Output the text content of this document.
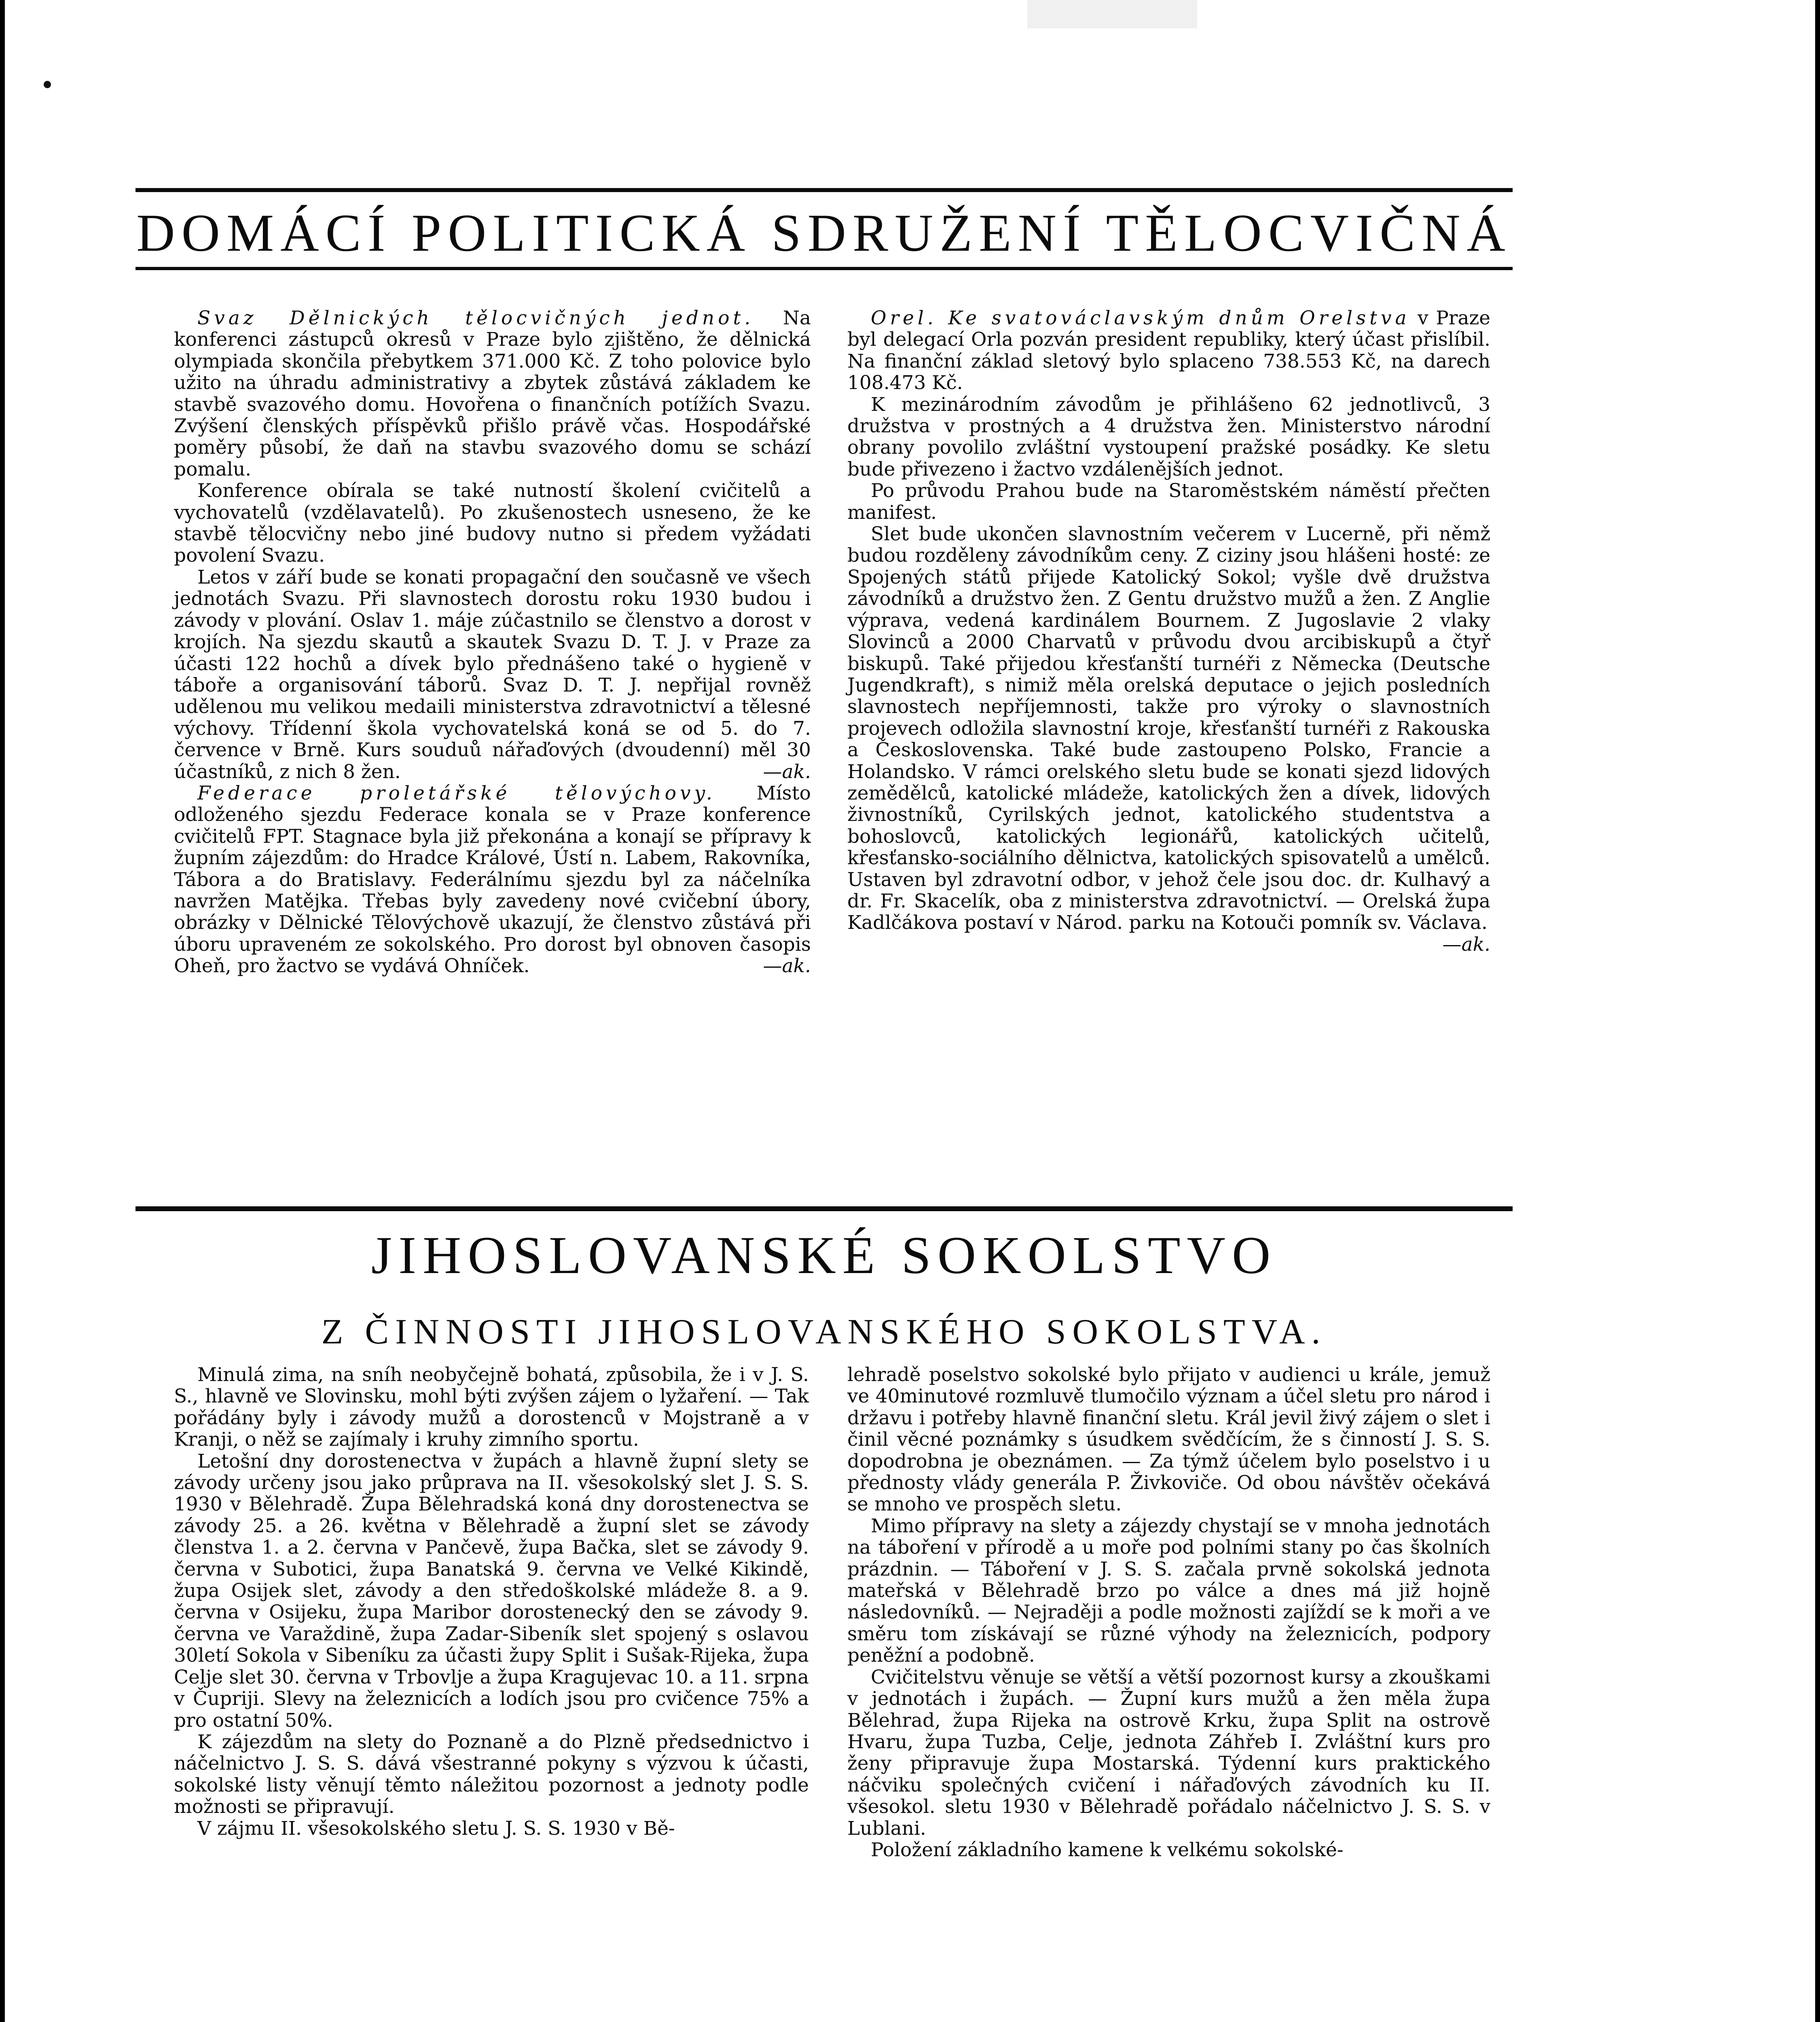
DOMÁCÍ POLITICKÁ SDRUŽENÍ TĚLOCVIČNÁ

Svaz Dělnických tělocvičných jednot. Na konferenci zástupců okresů v Praze bylo zjištěno, že dělnická olympiada skončila přebytkem 371.000 Kč. Z toho polovice bylo užito na úhradu administrativy a zbytek zůstává základem ke stavbě svazového domu. Hovořena o finančních potížích Svazu. Zvýšení členských příspěvků přišlo právě včas. Hospodářské poměry působí, že daň na stavbu svazového domu se schází pomalu.

Konference obírala se také nutností školení cvičitelů a vychovatelů (vzdělavatelů). Po zkušenostech usneseno, že ke stavbě tělocvičny nebo jiné budovy nutno si předem vyžádati povolení Svazu.

Letos v září bude se konati propagační den současně ve všech jednotách Svazu. Při slavnostech dorostu roku 1930 budou i závody v plování. Oslav 1. máje zúčastnilo se členstvo a dorost v krojích. Na sjezdu skautů a skautek Svazu D. T. J. v Praze za účasti 122 hochů a dívek bylo přednášeno také o hygieně v táboře a organisování táborů. Svaz D. T. J. nepřijal rovněž udělenou mu velikou medaili ministerstva zdravotnictví a tělesné výchovy. Třídenní škola vychovatelská koná se od 5. do 7. července v Brně. Kurs souduů nářaďových (dvoudenní) měl 30 účastníků, z nich 8 žen.	—ak.

Federace proletářské tělovýchovy. Místo odloženého sjezdu Federace konala se v Praze konference cvičitelů FPT. Stagnace byla již překonána a konají se přípravy k župním zájezdům: do Hradce Králové, Ústí n. Labem, Rakovníka, Tábora a do Bratislavy. Federálnímu sjezdu byl za náčelníka navržen Matějka. Třebas byly zavedeny nové cvičební úbory, obrázky v Dělnické Tělovýchově ukazují, že členstvo zůstává při úboru upraveném ze sokolského. Pro dorost byl obnoven časopis Oheň, pro žactvo se vydává Ohníček.	—ak.

Orel. Ke svatováclavským dnům Orelstva v Praze byl delegací Orla pozván president republiky, který účast přislíbil. Na finanční základ sletový bylo splaceno 738.553 Kč, na darech 108.473 Kč.

K mezinárodním závodům je přihlášeno 62 jednotlivců, 3 družstva v prostných a 4 družstva žen. Ministerstvo národní obrany povolilo zvláštní vystoupení pražské posádky. Ke sletu bude přivezeno i žactvo vzdálenějších jednot.

Po průvodu Prahou bude na Staroměstském náměstí přečten manifest.

Slet bude ukončen slavnostním večerem v Lucerně, při němž budou rozděleny závodníkům ceny. Z ciziny jsou hlášeni hosté: ze Spojených států přijede Katolický Sokol; vyšle dvě družstva závodníků a družstvo žen. Z Gentu družstvo mužů a žen. Z Anglie výprava, vedená kardinálem Bournem. Z Jugoslavie 2 vlaky Slovinců a 2000 Charvatů v průvodu dvou arcibiskupů a čtyř biskupů. Také přijedou křesťanští turnéři z Německa (Deutsche Jugendkraft), s nimiž měla orelská deputace o jejich posledních slavnostech nepříjemnosti, takže pro výroky o slavnostních projevech odložila slavnostní kroje, křesťanští turnéři z Rakouska a Československa. Také bude zastoupeno Polsko, Francie a Holandsko. V rámci orelského sletu bude se konati sjezd lidových zemědělců, katolické mládeže, katolických žen a dívek, lidových živnostníků, Cyrilských jednot, katolického studentstva a bohoslovců, katolických legionářů, katolických učitelů, křesťansko-sociálního dělnictva, katolických spisovatelů a umělců. Ustaven byl zdravotní odbor, v jehož čele jsou doc. dr. Kulhavý a dr. Fr. Skacelík, oba z ministerstva zdravotnictví. — Orelská župa Kadlčákova postaví v Národ. parku na Kotouči pomník sv. Václava.
—ak.

JIHOSLOVANSKÉ SOKOLSTVO
Z ČINNOSTI JIHOSLOVANSKÉHO SOKOLSTVA.

Minulá zima, na sníh neobyčejně bohatá, způsobila, že i v J. S. S., hlavně ve Slovinsku, mohl býti zvýšen zájem o lyžaření. — Tak pořádány byly i závody mužů a dorostenců v Mojstraně a v Kranji, o něž se zajímaly i kruhy zimního sportu.

Letošní dny dorostenectva v župách a hlavně župní slety se závody určeny jsou jako průprava na II. všesokolský slet J. S. S. 1930 v Bělehradě. Župa Bělehradská koná dny dorostenectva se závody 25. a 26. května v Bělehradě a župní slet se závody členstva 1. a 2. června v Pančevě, župa Bačka, slet se závody 9. června v Subotici, župa Banatská 9. června ve Velké Kikindě, župa Osijek slet, závody a den středoškolské mládeže 8. a 9. června v Osijeku, župa Maribor dorostenecký den se závody 9. června ve Varaždině, župa Zadar-Sibeník slet spojený s oslavou 30letí Sokola v Sibeníku za účasti župy Split i Sušak-Rijeka, župa Celje slet 30. června v Trbovlje a župa Kragujevac 10. a 11. srpna v Čupriji. Slevy na železnicích a lodích jsou pro cvičence 75% a pro ostatní 50%.

K zájezdům na slety do Poznaně a do Plzně předsednictvo i náčelnictvo J. S. S. dává všestranné pokyny s výzvou k účasti, sokolské listy věnují těmto náležitou pozornost a jednoty podle možnosti se připravují.

V zájmu II. všesokolského sletu J. S. S. 1930 v Bě-

lehradě poselstvo sokolské bylo přijato v audienci u krále, jemuž ve 40minutové rozmluvě tlumočilo význam a účel sletu pro národ i državu i potřeby hlavně finanční sletu. Král jevil živý zájem o slet i činil věcné poznámky s úsudkem svědčícím, že s činností J. S. S. dopodrobna je obeznámen. — Za týmž účelem bylo poselstvo i u přednosty vlády generála P. Živkoviče. Od obou návštěv očekává se mnoho ve prospěch sletu.

Mimo přípravy na slety a zájezdy chystají se v mnoha jednotách na táboření v přírodě a u moře pod polními stany po čas školních prázdnin. — Táboření v J. S. S. začala prvně sokolská jednota mateřská v Bělehradě brzo po válce a dnes má již hojně následovníků. — Nejraději a podle možnosti zajíždí se k moři a ve směru tom získávají se různé výhody na železnicích, podpory peněžní a podobně.

Cvičitelstvu věnuje se větší a větší pozornost kursy a zkouškami v jednotách i župách. — Župní kurs mužů a žen měla župa Bělehrad, župa Rijeka na ostrově Krku, župa Split na ostrově Hvaru, župa Tuzba, Celje, jednota Záhřeb I. Zvláštní kurs pro ženy připravuje župa Mostarská. Týdenní kurs praktického náčviku společných cvičení i nářaďových závodních ku II. všesokol. sletu 1930 v Bělehradě pořádalo náčelnictvo J. S. S. v Lublani.

Položení základního kamene k velkému sokolské-
